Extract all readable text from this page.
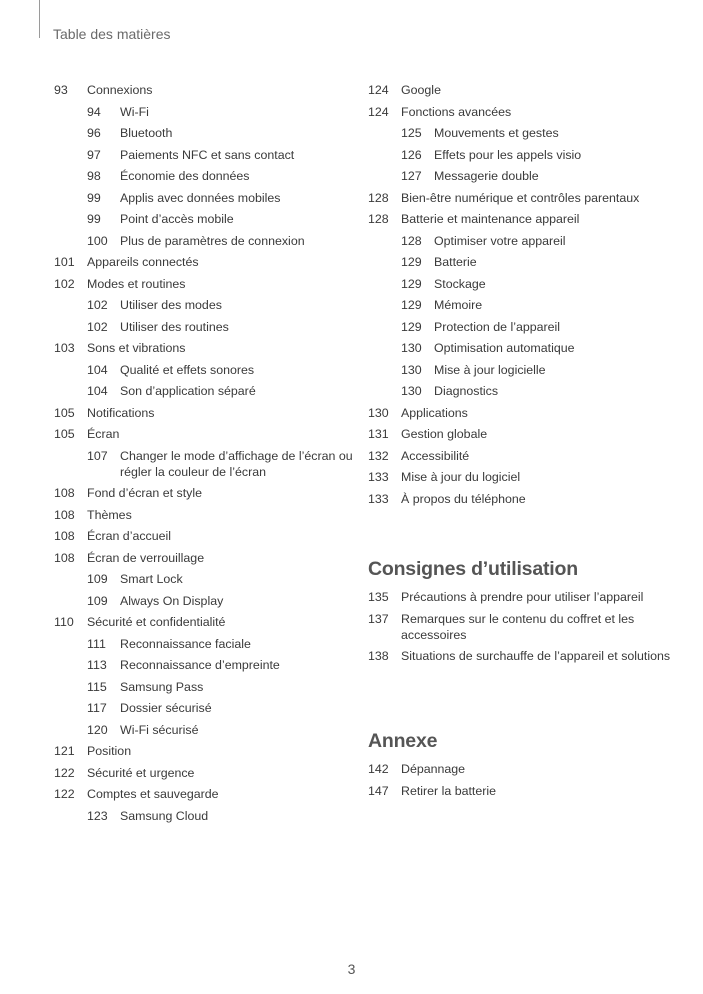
Table des matières
93	Connexions
94	Wi-Fi
96	Bluetooth
97	Paiements NFC et sans contact
98	Économie des données
99	Applis avec données mobiles
99	Point d’accès mobile
100 Plus de paramètres de connexion
101 Appareils connectés
102 Modes et routines
102 Utiliser des modes
102 Utiliser des routines
103 Sons et vibrations
104 Qualité et effets sonores
104 Son d’application séparé
105 Notifications
105 Écran
107 Changer le mode d’affichage de l’écran ou régler la couleur de l’écran
108 Fond d’écran et style
108 Thèmes
108 Écran d’accueil
108 Écran de verrouillage
109 Smart Lock
109 Always On Display
110	Sécurité et confidentialité
111	Reconnaissance faciale
113	Reconnaissance d’empreinte
115	Samsung Pass
117	Dossier sécurisé
120 Wi-Fi sécurisé
121 Position
122 Sécurité et urgence
122 Comptes et sauvegarde
123 Samsung Cloud
124 Google
124 Fonctions avancées
125 Mouvements et gestes
126 Effets pour les appels visio
127 Messagerie double
128 Bien-être numérique et contrôles parentaux
128 Batterie et maintenance appareil
128 Optimiser votre appareil
129 Batterie
129 Stockage
129 Mémoire
129 Protection de l’appareil
130 Optimisation automatique
130 Mise à jour logicielle
130 Diagnostics
130 Applications
131 Gestion globale
132 Accessibilité
133 Mise à jour du logiciel
133 À propos du téléphone
Consignes d’utilisation
135 Précautions à prendre pour utiliser l’appareil
137 Remarques sur le contenu du coffret et les accessoires
138 Situations de surchauffe de l’appareil et solutions
Annexe
142 Dépannage
147 Retirer la batterie
3
